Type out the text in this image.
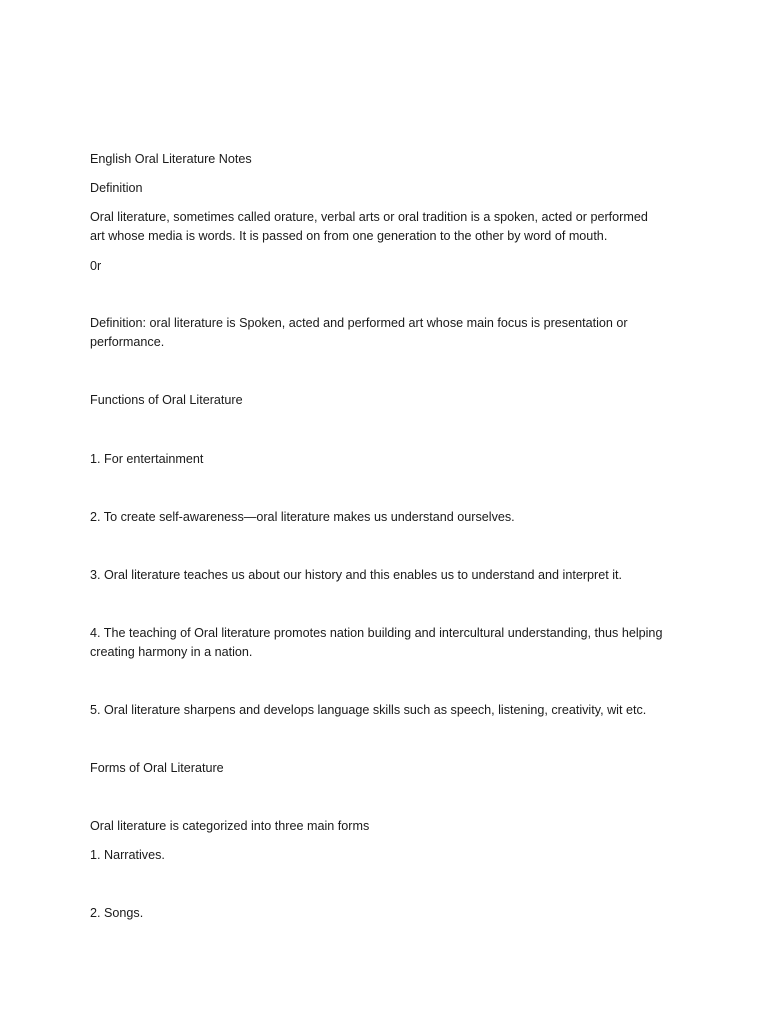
English Oral Literature Notes

Definition

Oral literature, sometimes called orature, verbal arts or oral tradition is a spoken, acted or performed art whose media is words. It is passed on from one generation to the other by word of mouth.

0r

Definition: oral literature is Spoken, acted and performed art whose main focus is presentation or performance.

Functions of Oral Literature

1. For entertainment

2. To create self-awareness—oral literature makes us understand ourselves.

3. Oral literature teaches us about our history and this enables us to understand and interpret it.

4. The teaching of Oral literature promotes nation building and intercultural understanding, thus helping creating harmony in a nation.

5. Oral literature sharpens and develops language skills such as speech, listening, creativity, wit etc.

Forms of Oral Literature

Oral literature is categorized into three main forms

1. Narratives.

2. Songs.
